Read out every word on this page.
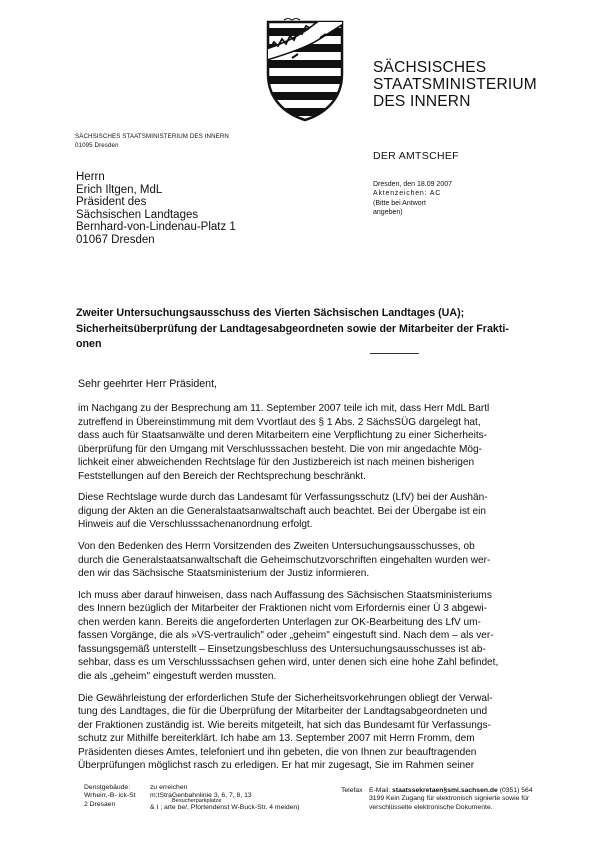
SÄCHSISCHES
STAATSMINISTERIUM
DES INNERN
SÄCHSISCHES STAATSMINISTERIUM DES INNERN
01095 Dresden
DER AMTSCHEF
Herrn
Erich Iltgen, MdL
Präsident des
Sächsischen Landtages
Bernhard-von-Lindenau-Platz 1
01067 Dresden
Dresden, den 18.09 2007
Aktenzeichen: AC
(Bitte bei Antwort
angeben)
Zweiter Untersuchungsausschuss des Vierten Sächsischen Landtages (UA);
Sicherheitsüberprüfung der Landtagesabgeordneten sowie der Mitarbeiter der Frakti-
onen
Sehr geehrter Herr Präsident,

im Nachgang zu der Besprechung am 11. September 2007 teile ich mit, dass Herr MdL Bartl
zutreffend in Übereinstimmung mit dem Vvortlaut des § 1 Abs. 2 SächsSÜG dargelegt hat,
dass auch für Staatsanwälte und deren Mitarbeitern eine Verpflichtung zu einer Sicherheits-
überprüfung für den Umgang mit Verschlusssachen besteht. Die von mir angedachte Mög-
lichkeit einer abweichenden Rechtslage für den Justizbereich ist nach meinen bisherigen
Feststellungen auf den Bereich der Rechtsprechung beschränkt.

Diese Rechtslage wurde durch das Landesamt für Verfassungsschutz (LfV) bei der Aushän-
digung der Akten an die Generalstaatsanwaltschaft auch beachtet. Bei der Übergabe ist ein
Hinweis auf die Verschlusssachenanordnung erfolgt.

Von den Bedenken des Herrn Vorsitzenden des Zweiten Untersuchungsausschusses, ob
durch die Generalstaatsanwaltschaft die Geheimschutzvorschriften eingehalten wurden wer-
den wir das Sächsische Staatsministerium der Justiz informieren.

Ich muss aber darauf hinweisen, dass nach Auffassung des Sächsischen Staatsministeriums
des Innern bezüglich der Mitarbeiter der Fraktionen nicht vom Erfordernis einer Ü 3 abgewi-
chen werden kann. Bereits die angeforderten Unterlagen zur OK-Bearbeitung des LfV um-
fassen Vorgänge, die als »VS-vertraulich" oder „geheim" eingestuft sind. Nach dem – als ver-
fassungsgemäß unterstellt – Einsetzungsbeschluss des Untersuchungsausschusses ist ab-
sehbar, dass es um Verschlusssachsen gehen wird, unter denen sich eine hohe Zahl befindet,
die als „geheim" eingestuft werden mussten.

Die Gewährleistung der erforderlichen Stufe der Sicherheitsvorkehrungen obliegt der Verwal-
tung des Landtages, die für die Überprüfung der Mitarbeiter der Landtagsabgeordneten und
der Fraktionen zuständig ist. Wie bereits mitgeteilt, hat sich das Bundesamt für Verfassungs-
schutz zur Mithilfe bereiterklärt. Ich habe am 13. September 2007 mit Herrn Fromm, dem
Präsidenten dieses Amtes, telefoniert und ihn gebeten, die von Ihnen zur beauftragenden
Überprüfungen möglichst rasch zu erledigen. Er hat mir zugesagt, Sie im Rahmen seiner

Denstgebäude:
Wrheirr,-B- ick-St
2 Dresaen
zu erreichen
m;tStraGenbahnlinie 3, 6, 7, 8, 13
Besucherparkplatze
& I ; arte be/, Pfortendenst W-Buck-Str. 4 meiden)
Telefax E-Mail: staatssekretaen§smi.sachsen.de (0351) 564
3199 Kein Zugang für elektronisch signierte sowie für
verschlüsselte elektronische Dokumente.
